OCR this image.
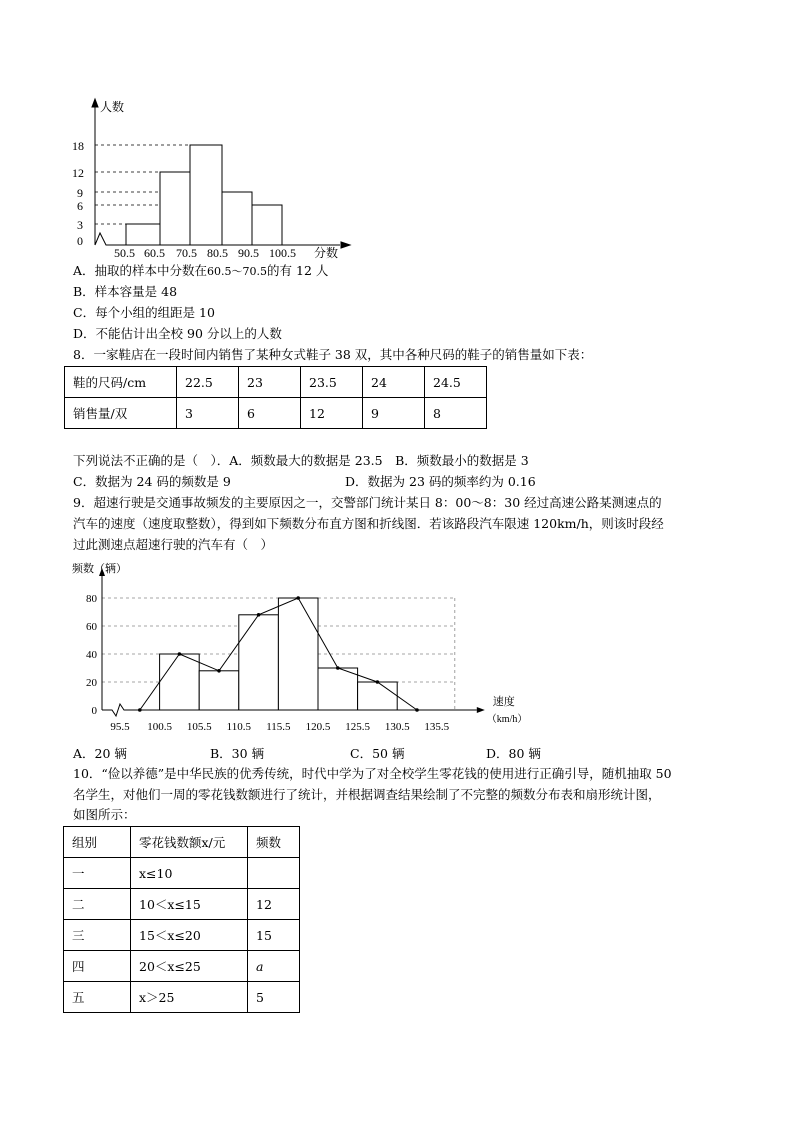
人数
18
12
9
6
3
0
50.5 60.5 70.5 80.5 90.5 100.5 分数
A．抽取的样本中分数在60.5～70.5的有 12 人
B．样本容量是 48
C．每个小组的组距是 10
D．不能估计出全校 90 分以上的人数
8．一家鞋店在一段时间内销售了某种女式鞋子 38 双，其中各种尺码的鞋子的销售量如下表：
鞋的尺码/cm	22.5	23	23.5	24	24.5
销售量/双	3	6	12	9	8
下列说法不正确的是（　）．A．频数最大的数据是 23.5　B．频数最小的数据是 3
C．数据为 24 码的频数是 9	D．数据为 23 码的频率约为 0.16
9．超速行驶是交通事故频发的主要原因之一，交警部门统计某日 8：00～8：30 经过高速公路某测速点的
汽车的速度（速度取整数），得到如下频数分布直方图和折线图．若该路段汽车限速 120km/h，则该时段经
过此测速点超速行驶的汽车有（　）
80
60
40
20
0
95.5 100.5 105.5 110.5 115.5 120.5 125.5 130.5 135.5
频数（辆）
速度
（km/h）
A．20 辆	B．30 辆	C．50 辆	D．80 辆
10．“俭以养德”是中华民族的优秀传统，时代中学为了对全校学生零花钱的使用进行正确引导，随机抽取 50
名学生，对他们一周的零花钱数额进行了统计，并根据调查结果绘制了不完整的频数分布表和扇形统计图，
如图所示：
组别	零花钱数额x/元	频数
一	x≤10	
二	10＜x≤15	12
三	15＜x≤20	15
四	20＜x≤25	a
五	x＞25	5
